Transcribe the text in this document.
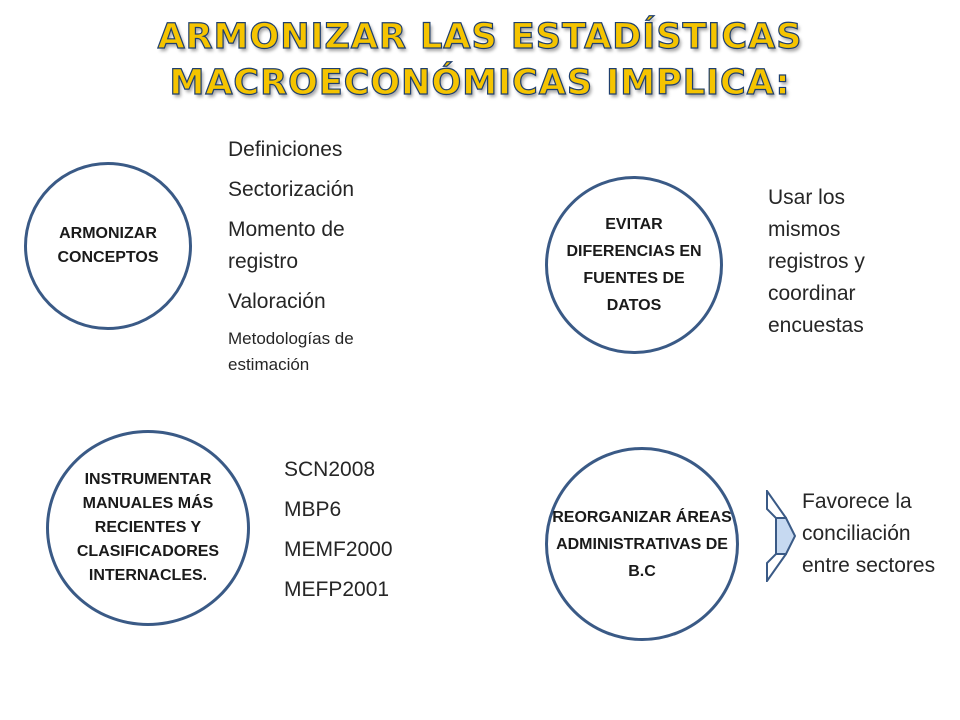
ARMONIZAR LAS ESTADÍSTICAS
MACROECONÓMICAS IMPLICA:
ARMONIZAR CONCEPTOS
Definiciones
Sectorización
Momento de registro
Valoración
Metodologías de estimación
EVITAR DIFERENCIAS EN FUENTES DE DATOS
Usar los mismos registros y coordinar encuestas
INSTRUMENTAR MANUALES MÁS RECIENTES Y CLASIFICADORES INTERNACLES.
SCN2008
MBP6
MEMF2000
MEFP2001
REORGANIZAR ÁREAS ADMINISTRATIVAS DE B.C
Favorece la conciliación entre sectores
